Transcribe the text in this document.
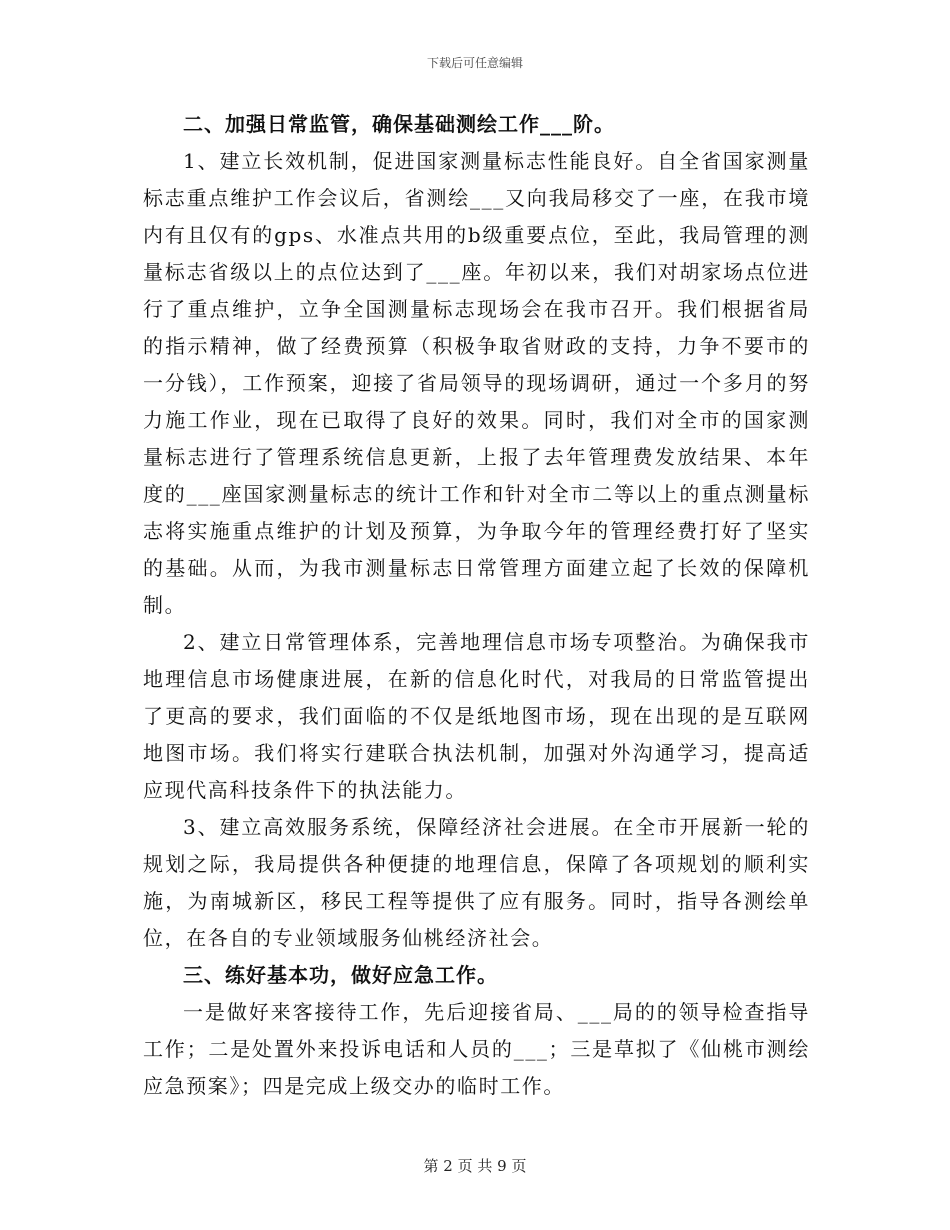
下载后可任意编辑
二、加强日常监管，确保基础测绘工作___阶。

1、建立长效机制，促进国家测量标志性能良好。自全省国家测量标志重点维护工作会议后，省测绘___又向我局移交了一座，在我市境内有且仅有的gps、水准点共用的b级重要点位，至此，我局管理的测量标志省级以上的点位达到了___座。年初以来，我们对胡家场点位进行了重点维护，立争全国测量标志现场会在我市召开。我们根据省局的指示精神，做了经费预算（积极争取省财政的支持，力争不要市的一分钱），工作预案，迎接了省局领导的现场调研，通过一个多月的努力施工作业，现在已取得了良好的效果。同时，我们对全市的国家测量标志进行了管理系统信息更新，上报了去年管理费发放结果、本年度的___座国家测量标志的统计工作和针对全市二等以上的重点测量标志将实施重点维护的计划及预算，为争取今年的管理经费打好了坚实的基础。从而，为我市测量标志日常管理方面建立起了长效的保障机制。

2、建立日常管理体系，完善地理信息市场专项整治。为确保我市地理信息市场健康进展，在新的信息化时代，对我局的日常监管提出了更高的要求，我们面临的不仅是纸地图市场，现在出现的是互联网地图市场。我们将实行建联合执法机制，加强对外沟通学习，提高适应现代高科技条件下的执法能力。

3、建立高效服务系统，保障经济社会进展。在全市开展新一轮的规划之际，我局提供各种便捷的地理信息，保障了各项规划的顺利实施，为南城新区，移民工程等提供了应有服务。同时，指导各测绘单位，在各自的专业领域服务仙桃经济社会。

三、练好基本功，做好应急工作。

一是做好来客接待工作，先后迎接省局、___局的的领导检查指导工作；二是处置外来投诉电话和人员的___；三是草拟了《仙桃市测绘应急预案》；四是完成上级交办的临时工作。

第 2 页 共 9 页
